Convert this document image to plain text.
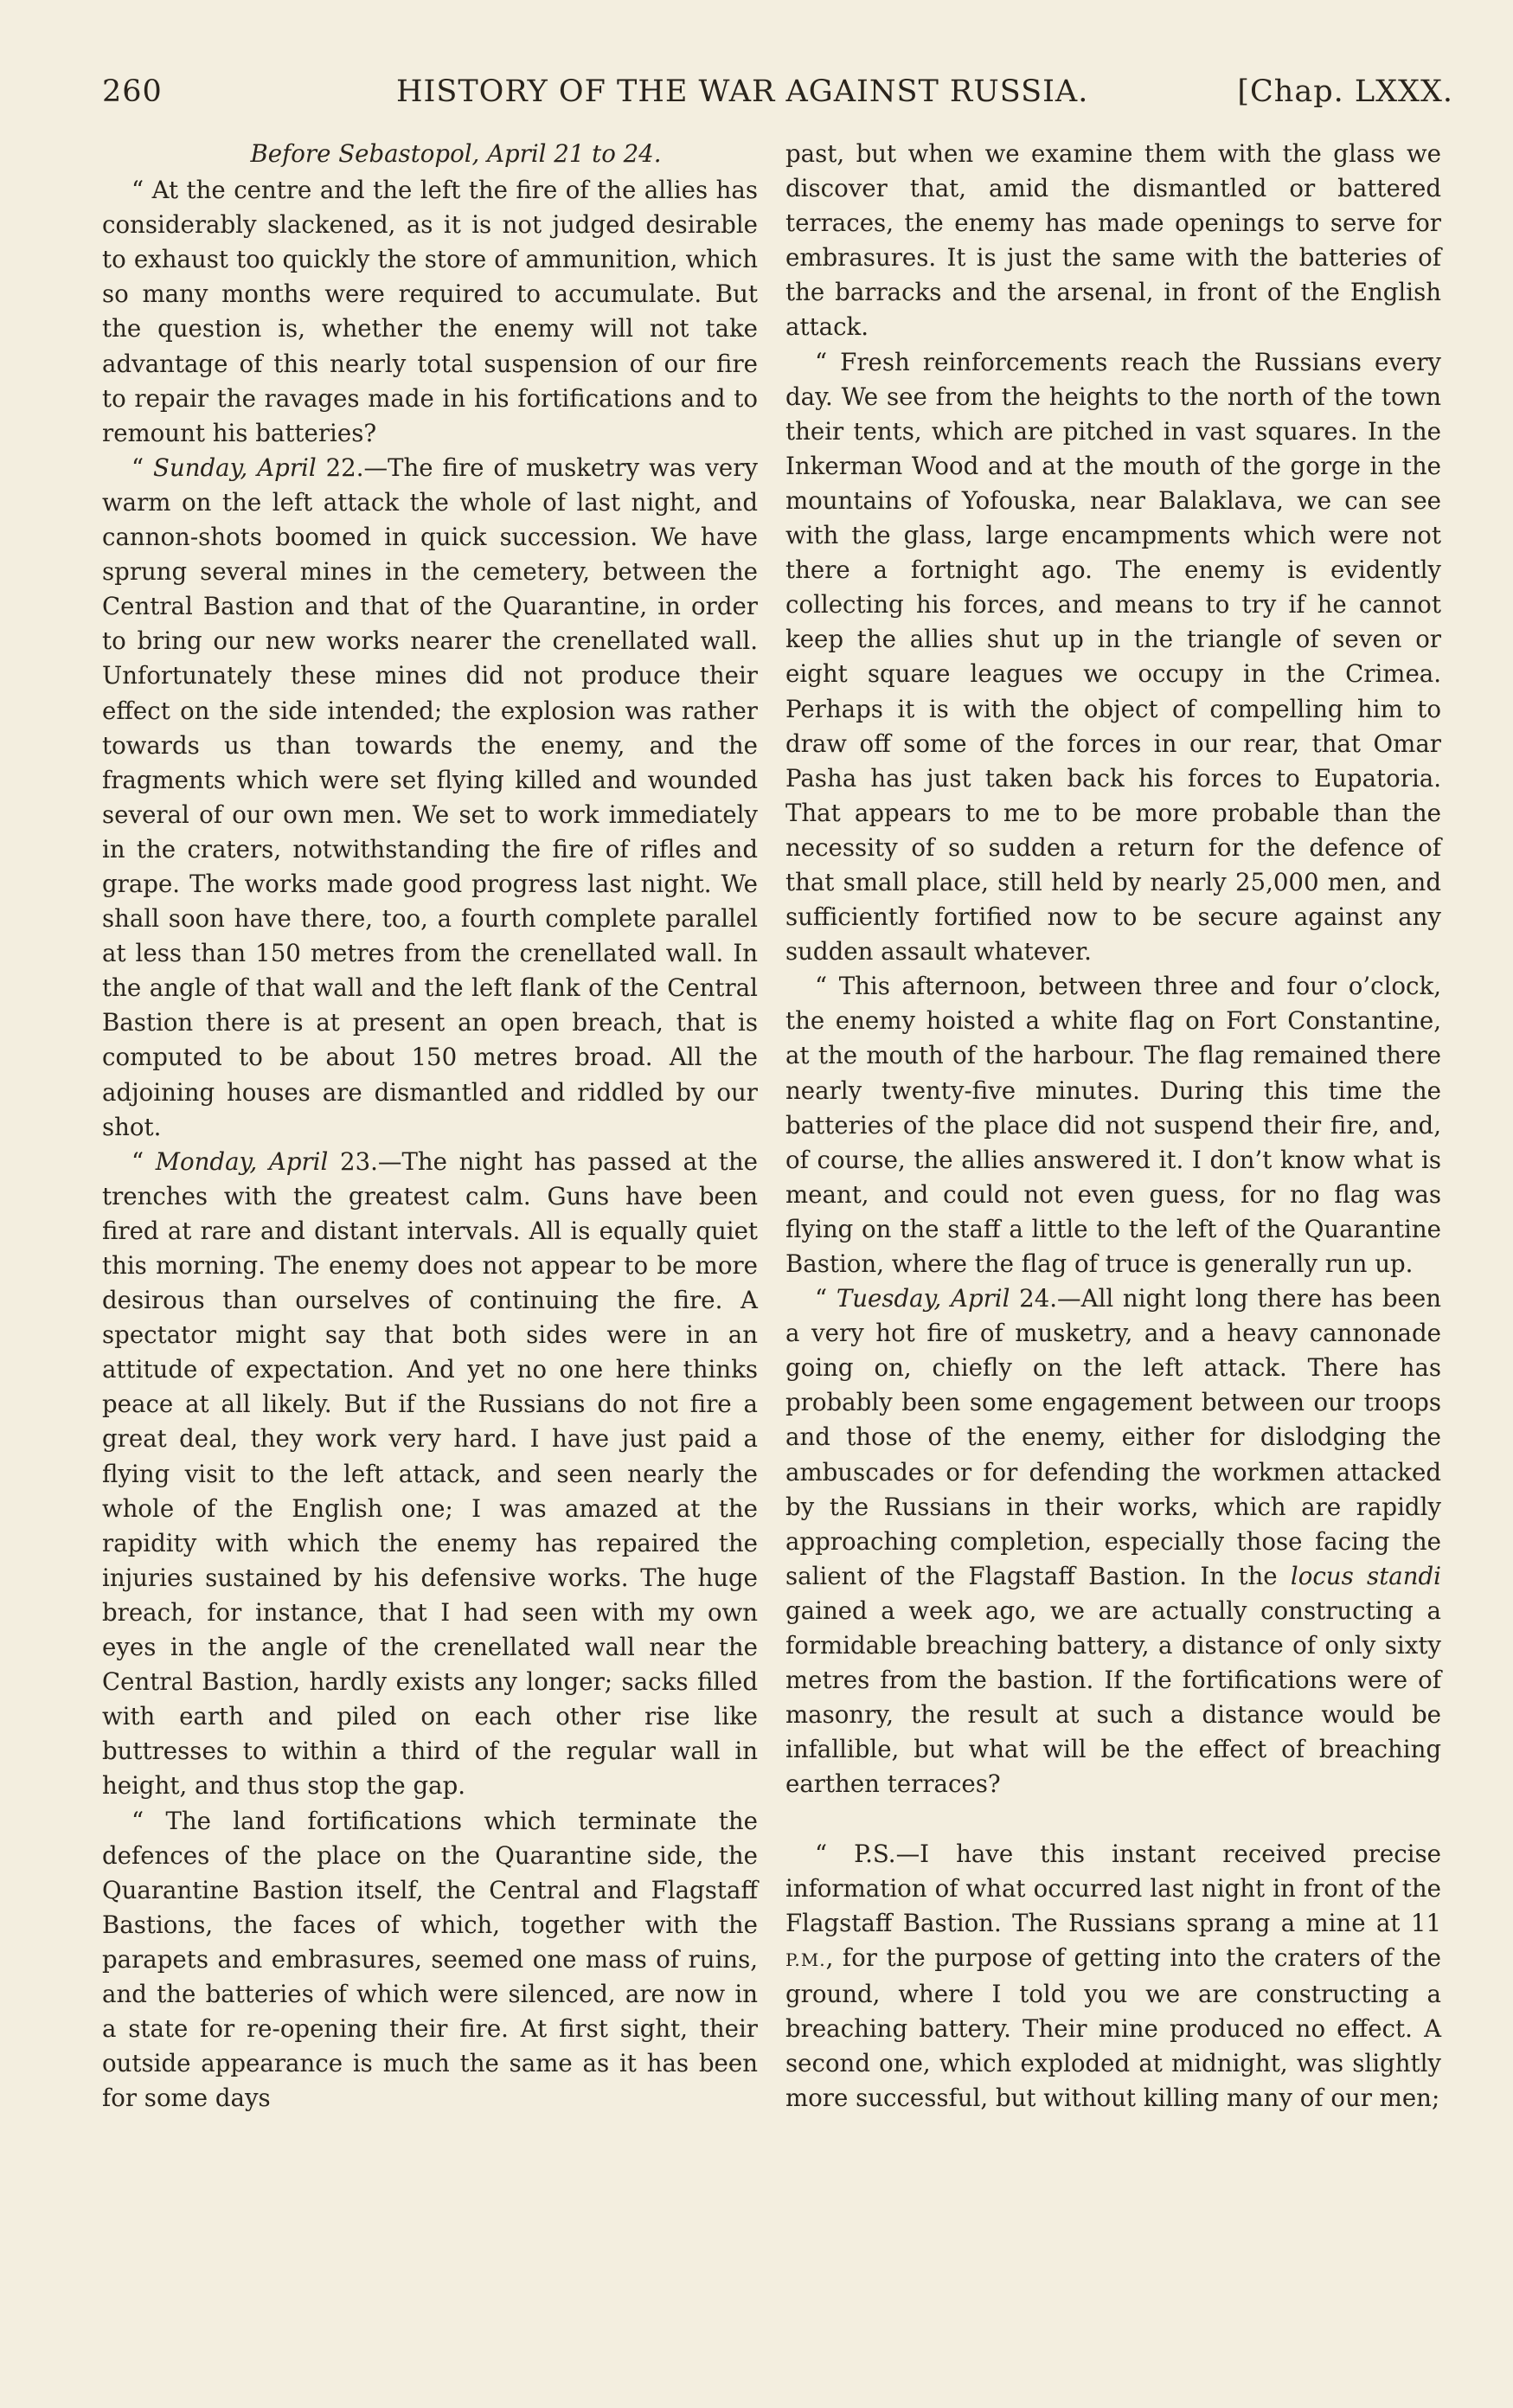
260	HISTORY OF THE WAR AGAINST RUSSIA.	[Chap. LXXX.
Before Sebastopol, April 21 to 24.

“ At the centre and the left the fire of the allies has considerably slackened, as it is not judged desirable to exhaust too quickly the store of ammunition, which so many months were required to accumulate. But the question is, whether the enemy will not take advantage of this nearly total suspension of our fire to repair the ravages made in his fortifications and to remount his batteries?

“ Sunday, April 22.—The fire of musketry was very warm on the left attack the whole of last night, and cannon-shots boomed in quick succession. We have sprung several mines in the cemetery, between the Central Bastion and that of the Quarantine, in order to bring our new works nearer the crenellated wall. Unfortunately these mines did not produce their effect on the side intended; the explosion was rather towards us than towards the enemy, and the fragments which were set flying killed and wounded several of our own men. We set to work immediately in the craters, notwithstanding the fire of rifles and grape. The works made good progress last night. We shall soon have there, too, a fourth complete parallel at less than 150 metres from the crenellated wall. In the angle of that wall and the left flank of the Central Bastion there is at present an open breach, that is computed to be about 150 metres broad. All the adjoining houses are dismantled and riddled by our shot.

“ Monday, April 23.—The night has passed at the trenches with the greatest calm. Guns have been fired at rare and distant intervals. All is equally quiet this morning. The enemy does not appear to be more desirous than ourselves of continuing the fire. A spectator might say that both sides were in an attitude of expectation. And yet no one here thinks peace at all likely. But if the Russians do not fire a great deal, they work very hard. I have just paid a flying visit to the left attack, and seen nearly the whole of the English one; I was amazed at the rapidity with which the enemy has repaired the injuries sustained by his defensive works. The huge breach, for instance, that I had seen with my own eyes in the angle of the crenellated wall near the Central Bastion, hardly exists any longer; sacks filled with earth and piled on each other rise like buttresses to within a third of the regular wall in height, and thus stop the gap.

“ The land fortifications which terminate the defences of the place on the Quarantine side, the Quarantine Bastion itself, the Central and Flagstaff Bastions, the faces of which, together with the parapets and embrasures, seemed one mass of ruins, and the batteries of which were silenced, are now in a state for re-opening their fire. At first sight, their outside appearance is much the same as it has been for some days

past, but when we examine them with the glass we discover that, amid the dismantled or battered terraces, the enemy has made openings to serve for embrasures. It is just the same with the batteries of the barracks and the arsenal, in front of the English attack.

“ Fresh reinforcements reach the Russians every day. We see from the heights to the north of the town their tents, which are pitched in vast squares. In the Inkerman Wood and at the mouth of the gorge in the mountains of Yofouska, near Balaklava, we can see with the glass, large encampments which were not there a fortnight ago. The enemy is evidently collecting his forces, and means to try if he cannot keep the allies shut up in the triangle of seven or eight square leagues we occupy in the Crimea. Perhaps it is with the object of compelling him to draw off some of the forces in our rear, that Omar Pasha has just taken back his forces to Eupatoria. That appears to me to be more probable than the necessity of so sudden a return for the defence of that small place, still held by nearly 25,000 men, and sufficiently fortified now to be secure against any sudden assault whatever.

“ This afternoon, between three and four o’clock, the enemy hoisted a white flag on Fort Constantine, at the mouth of the harbour. The flag remained there nearly twenty-five minutes. During this time the batteries of the place did not suspend their fire, and, of course, the allies answered it. I don’t know what is meant, and could not even guess, for no flag was flying on the staff a little to the left of the Quarantine Bastion, where the flag of truce is generally run up.

“ Tuesday, April 24.—All night long there has been a very hot fire of musketry, and a heavy cannonade going on, chiefly on the left attack. There has probably been some engagement between our troops and those of the enemy, either for dislodging the ambuscades or for defending the workmen attacked by the Russians in their works, which are rapidly approaching completion, especially those facing the salient of the Flagstaff Bastion. In the locus standi gained a week ago, we are actually constructing a formidable breaching battery, a distance of only sixty metres from the bastion. If the fortifications were of masonry, the result at such a distance would be infallible, but what will be the effect of breaching earthen terraces?

“ P.S.—I have this instant received precise information of what occurred last night in front of the Flagstaff Bastion. The Russians sprang a mine at 11 P.M., for the purpose of getting into the craters of the ground, where I told you we are constructing a breaching battery. Their mine produced no effect. A second one, which exploded at midnight, was slightly more successful, but without killing many of our men;
